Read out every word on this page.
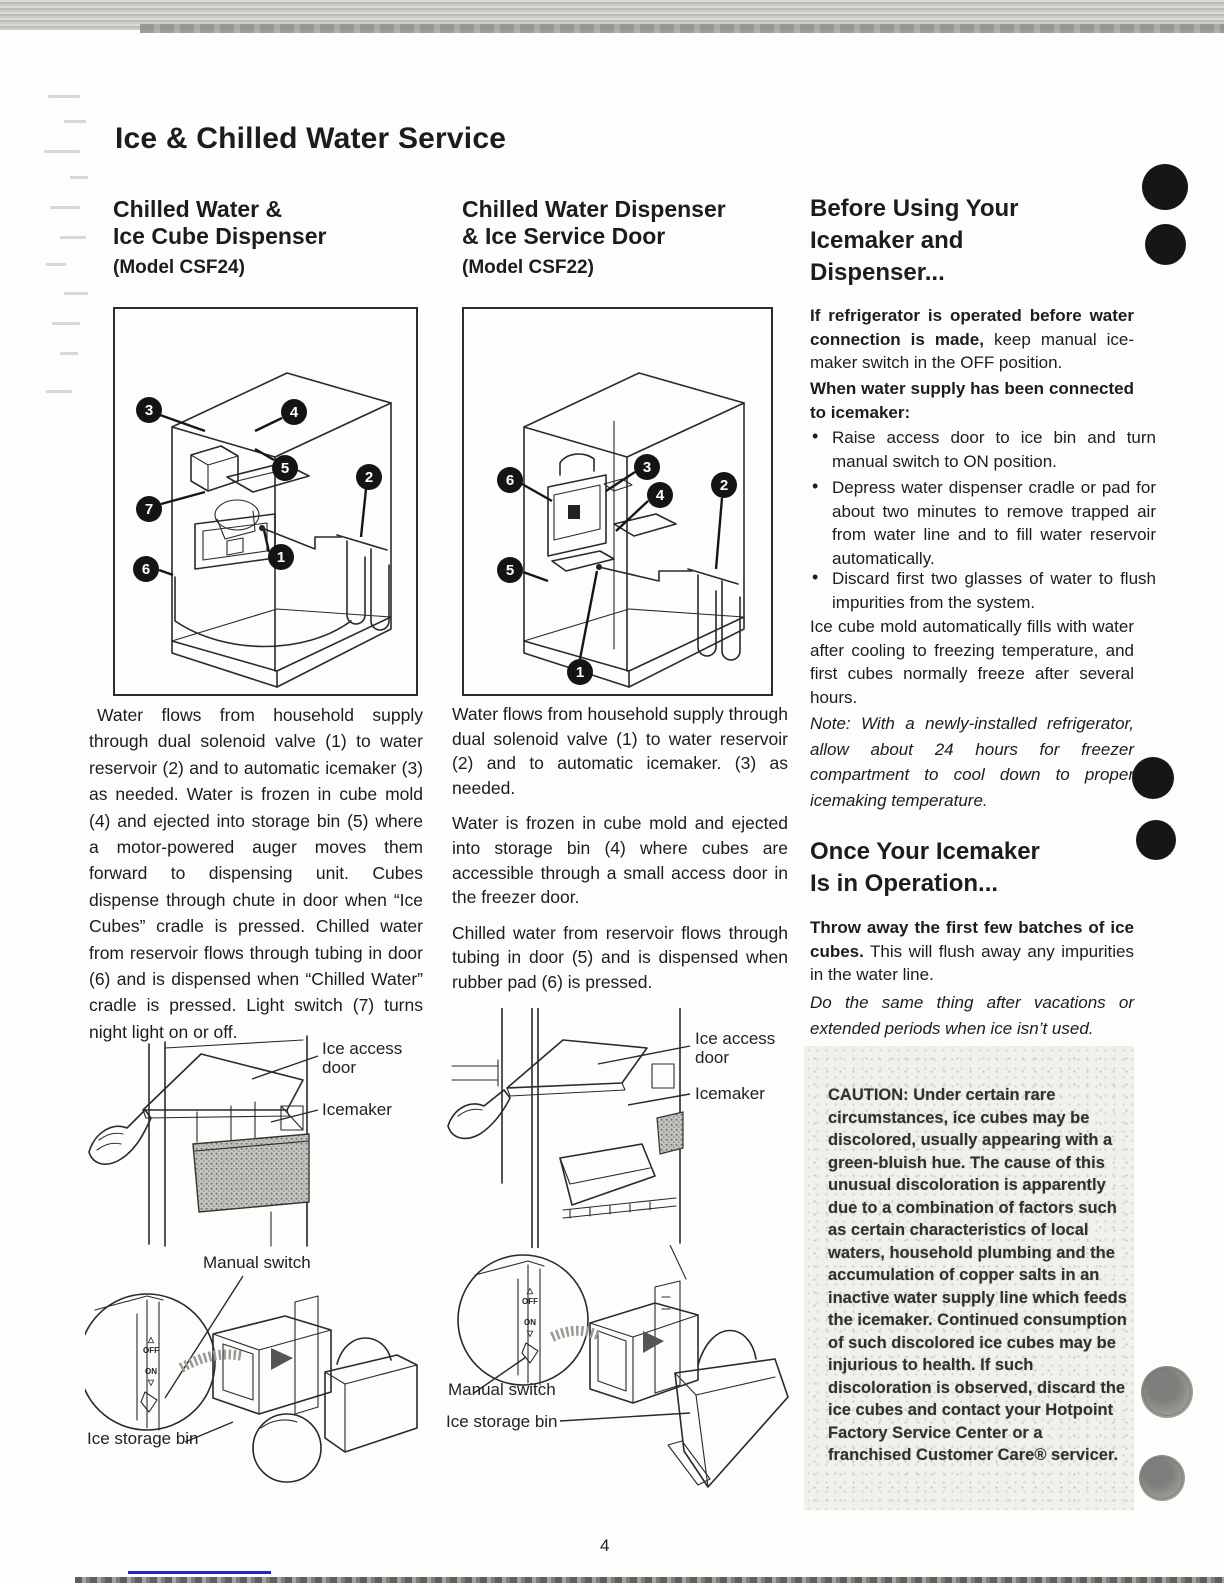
Ice & Chilled Water Service
Chilled Water &
Ice Cube Dispenser
(Model CSF24)
Chilled Water Dispenser
& Ice Service Door
(Model CSF22)
3	4
5
7
2
1
6
6
3
4
2
5
1
Water flows from household supply through dual solenoid valve (1) to water reservoir (2) and to automatic icemaker (3) as needed. Water is frozen in cube mold (4) and ejected into storage bin (5) where a motor-powered auger moves them forward to dispensing unit. Cubes dispense through chute in door when “Ice Cubes” cradle is pressed. Chilled water from reservoir flows through tubing in door (6) and is dispensed when “Chilled Water” cradle is pressed. Light switch (7) turns night light on or off.

Water flows from household supply through dual solenoid valve (1) to water reservoir (2) and to automatic icemaker. (3) as needed.

Water is frozen in cube mold and ejected into storage bin (4) where cubes are accessible through a small access door in the freezer door.

Chilled water from reservoir flows through tubing in door (5) and is dispensed when rubber pad (6) is pressed.

Before Using Your
Icemaker and
Dispenser...
If refrigerator is operated before water connection is made, keep manual ice-maker switch in the OFF position.
When water supply has been connected to icemaker:
• Raise access door to ice bin and turn manual switch to ON position.
• Depress water dispenser cradle or pad for about two minutes to remove trapped air from water line and to fill water reservoir automatically.
• Discard first two glasses of water to flush impurities from the system.
Ice cube mold automatically fills with water after cooling to freezing temperature, and first cubes normally freeze after several hours.
Note: With a newly-installed refrigerator, allow about 24 hours for freezer compartment to cool down to proper icemaking temperature.
Once Your Icemaker
Is in Operation...
Throw away the first few batches of ice cubes. This will flush away any impurities in the water line.
Do the same thing after vacations or extended periods when ice isn’t used.
CAUTION: Under certain rare circumstances, ice cubes may be discolored, usually appearing with a green-bluish hue. The cause of this unusual discoloration is apparently due to a combination of factors such as certain characteristics of local waters, household plumbing and the accumulation of copper salts in an inactive water supply line which feeds the icemaker. Continued consumption of such discolored ice cubes may be injurious to health. If such discoloration is observed, discard the ice cubes and contact your Hotpoint Factory Service Center or a franchised Customer Care® servicer.
Ice access
door
Icemaker
△
OFF
ON
▽
Manual switch
Ice storage bin
Ice access
door
Icemaker
△
OFF
ON
▽
Manual switch
Ice storage bin
4
